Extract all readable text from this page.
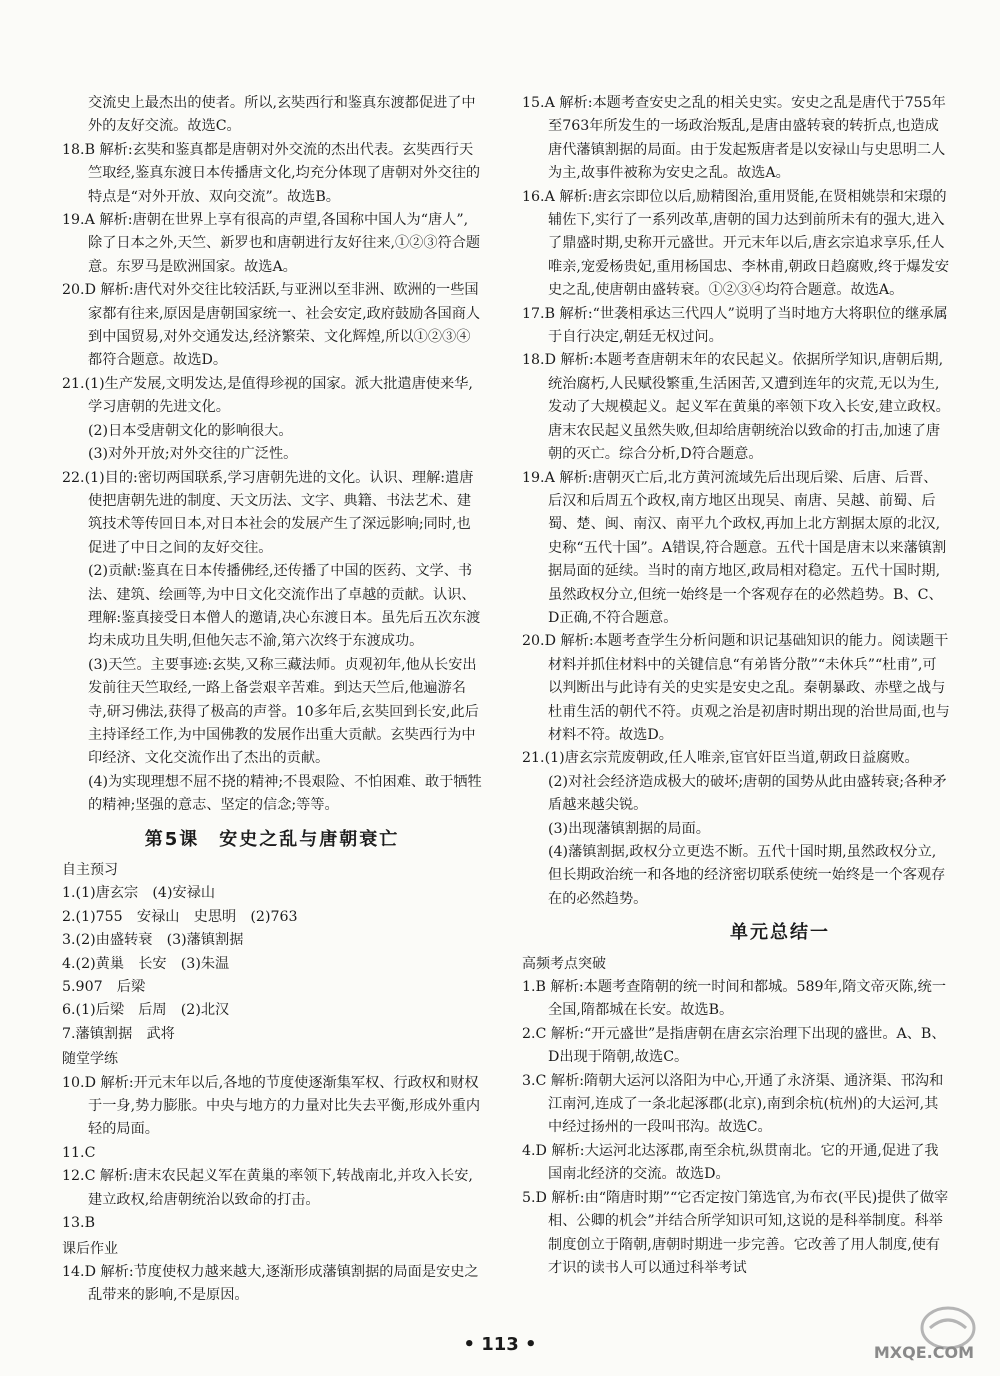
交流史上最杰出的使者。所以,玄奘西行和鉴真东渡都促进了中外的友好交流。故选C。

18.B 解析:玄奘和鉴真都是唐朝对外交流的杰出代表。玄奘西行天竺取经,鉴真东渡日本传播唐文化,均充分体现了唐朝对外交往的特点是“对外开放、双向交流”。故选B。

19.A 解析:唐朝在世界上享有很高的声望,各国称中国人为“唐人”,除了日本之外,天竺、新罗也和唐朝进行友好往来,①②③符合题意。东罗马是欧洲国家。故选A。

20.D 解析:唐代对外交往比较活跃,与亚洲以至非洲、欧洲的一些国家都有往来,原因是唐朝国家统一、社会安定,政府鼓励各国商人到中国贸易,对外交通发达,经济繁荣、文化辉煌,所以①②③④都符合题意。故选D。

21.(1)生产发展,文明发达,是值得珍视的国家。派大批遣唐使来华,学习唐朝的先进文化。

(2)日本受唐朝文化的影响很大。

(3)对外开放;对外交往的广泛性。

22.(1)目的:密切两国联系,学习唐朝先进的文化。认识、理解:遣唐使把唐朝先进的制度、天文历法、文字、典籍、书法艺术、建筑技术等传回日本,对日本社会的发展产生了深远影响;同时,也促进了中日之间的友好交往。

(2)贡献:鉴真在日本传播佛经,还传播了中国的医药、文学、书法、建筑、绘画等,为中日文化交流作出了卓越的贡献。认识、理解:鉴真接受日本僧人的邀请,决心东渡日本。虽先后五次东渡均未成功且失明,但他矢志不渝,第六次终于东渡成功。

(3)天竺。主要事迹:玄奘,又称三藏法师。贞观初年,他从长安出发前往天竺取经,一路上备尝艰辛苦难。到达天竺后,他遍游名寺,研习佛法,获得了极高的声誉。10多年后,玄奘回到长安,此后主持译经工作,为中国佛教的发展作出重大贡献。玄奘西行为中印经济、文化交流作出了杰出的贡献。

(4)为实现理想不屈不挠的精神;不畏艰险、不怕困难、敢于牺牲的精神;坚强的意志、坚定的信念;等等。

第5课　安史之乱与唐朝衰亡
自主预习

1.(1)唐玄宗　(4)安禄山

2.(1)755　安禄山　史思明　(2)763

3.(2)由盛转衰　(3)藩镇割据

4.(2)黄巢　长安　(3)朱温

5.907　后梁

6.(1)后梁　后周　(2)北汉

7.藩镇割据　武将

随堂学练

10.D 解析:开元末年以后,各地的节度使逐渐集军权、行政权和财权于一身,势力膨胀。中央与地方的力量对比失去平衡,形成外重内轻的局面。

11.C

12.C 解析:唐末农民起义军在黄巢的率领下,转战南北,并攻入长安,建立政权,给唐朝统治以致命的打击。

13.B

课后作业

14.D 解析:节度使权力越来越大,逐渐形成藩镇割据的局面是安史之乱带来的影响,不是原因。

15.A 解析:本题考查安史之乱的相关史实。安史之乱是唐代于755年至763年所发生的一场政治叛乱,是唐由盛转衰的转折点,也造成唐代藩镇割据的局面。由于发起叛唐者是以安禄山与史思明二人为主,故事件被称为安史之乱。故选A。

16.A 解析:唐玄宗即位以后,励精图治,重用贤能,在贤相姚崇和宋璟的辅佐下,实行了一系列改革,唐朝的国力达到前所未有的强大,进入了鼎盛时期,史称开元盛世。开元末年以后,唐玄宗追求享乐,任人唯亲,宠爱杨贵妃,重用杨国忠、李林甫,朝政日趋腐败,终于爆发安史之乱,使唐朝由盛转衰。①②③④均符合题意。故选A。

17.B 解析:“世袭相承达三代四人”说明了当时地方大将职位的继承属于自行决定,朝廷无权过问。

18.D 解析:本题考查唐朝末年的农民起义。依据所学知识,唐朝后期,统治腐朽,人民赋役繁重,生活困苦,又遭到连年的灾荒,无以为生,发动了大规模起义。起义军在黄巢的率领下攻入长安,建立政权。唐末农民起义虽然失败,但却给唐朝统治以致命的打击,加速了唐朝的灭亡。综合分析,D符合题意。

19.A 解析:唐朝灭亡后,北方黄河流域先后出现后梁、后唐、后晋、后汉和后周五个政权,南方地区出现吴、南唐、吴越、前蜀、后蜀、楚、闽、南汉、南平九个政权,再加上北方割据太原的北汉,史称“五代十国”。A错误,符合题意。五代十国是唐末以来藩镇割据局面的延续。当时的南方地区,政局相对稳定。五代十国时期,虽然政权分立,但统一始终是一个客观存在的必然趋势。B、C、D正确,不符合题意。

20.D 解析:本题考查学生分析问题和识记基础知识的能力。阅读题干材料并抓住材料中的关键信息“有弟皆分散”“未休兵”“杜甫”,可以判断出与此诗有关的史实是安史之乱。秦朝暴政、赤壁之战与杜甫生活的朝代不符。贞观之治是初唐时期出现的治世局面,也与材料不符。故选D。

21.(1)唐玄宗荒废朝政,任人唯亲,宦官奸臣当道,朝政日益腐败。

(2)对社会经济造成极大的破坏;唐朝的国势从此由盛转衰;各种矛盾越来越尖锐。

(3)出现藩镇割据的局面。

(4)藩镇割据,政权分立更迭不断。五代十国时期,虽然政权分立,但长期政治统一和各地的经济密切联系使统一始终是一个客观存在的必然趋势。

单元总结一
高频考点突破

1.B 解析:本题考查隋朝的统一时间和都城。589年,隋文帝灭陈,统一全国,隋都城在长安。故选B。

2.C 解析:“开元盛世”是指唐朝在唐玄宗治理下出现的盛世。A、B、D出现于隋朝,故选C。

3.C 解析:隋朝大运河以洛阳为中心,开通了永济渠、通济渠、邗沟和江南河,连成了一条北起涿郡(北京),南到余杭(杭州)的大运河,其中经过扬州的一段叫邗沟。故选C。

4.D 解析:大运河北达涿郡,南至余杭,纵贯南北。它的开通,促进了我国南北经济的交流。故选D。

5.D 解析:由“隋唐时期”“它否定按门第选官,为布衣(平民)提供了做宰相、公卿的机会”并结合所学知识可知,这说的是科举制度。科举制度创立于隋朝,唐朝时期进一步完善。它改善了用人制度,使有才识的读书人可以通过科举考试

• 113 •	MXQE.COM
